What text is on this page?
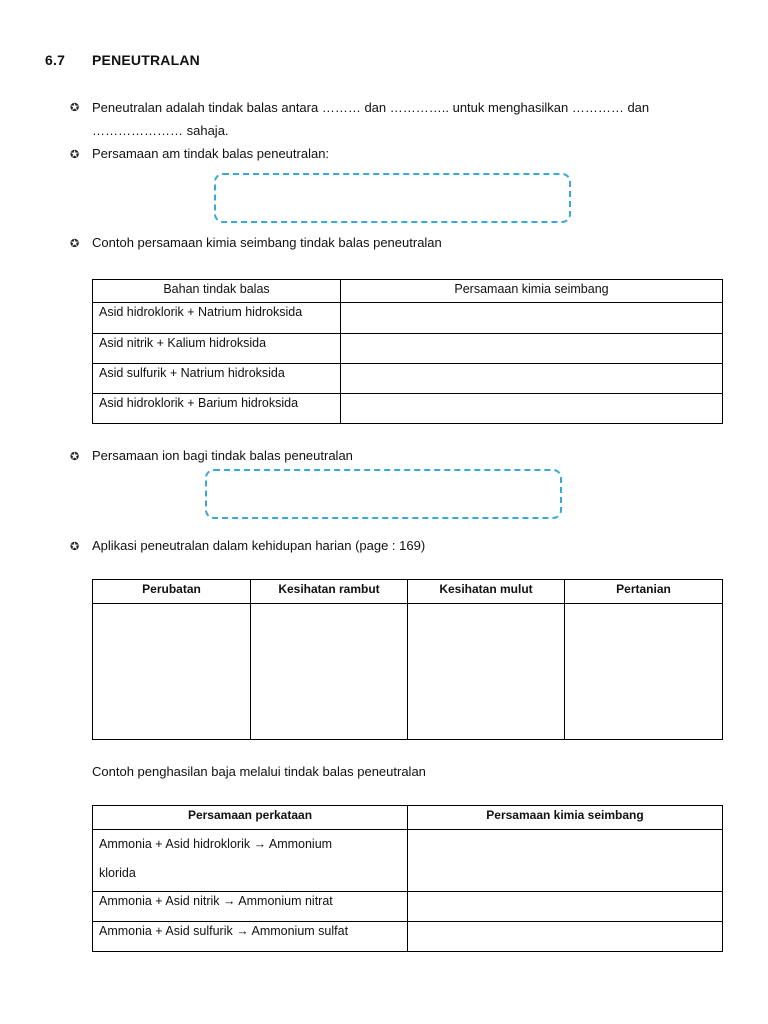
6.7 PENEUTRALAN
✪ Peneutralan adalah tindak balas antara ……… dan ………….. untuk menghasilkan ………… dan
………………… sahaja.
✪ Persamaan am tindak balas peneutralan:
✪ Contoh persamaan kimia seimbang tindak balas peneutralan
Bahan tindak balas	Persamaan kimia seimbang
Asid hidroklorik + Natrium hidroksida	
Asid nitrik + Kalium hidroksida	
Asid sulfurik + Natrium hidroksida	
Asid hidroklorik + Barium hidroksida	
✪ Persamaan ion bagi tindak balas peneutralan
✪ Aplikasi peneutralan dalam kehidupan harian (page : 169)
Perubatan	Kesihatan rambut	Kesihatan mulut	Pertanian

Contoh penghasilan baja melalui tindak balas peneutralan
Persamaan perkataan	Persamaan kimia seimbang

Ammonia + Asid hidroklorik → Ammonium
klorida	

Ammonia + Asid nitrik → Ammonium nitrat	
Ammonia + Asid sulfurik → Ammonium sulfat	
